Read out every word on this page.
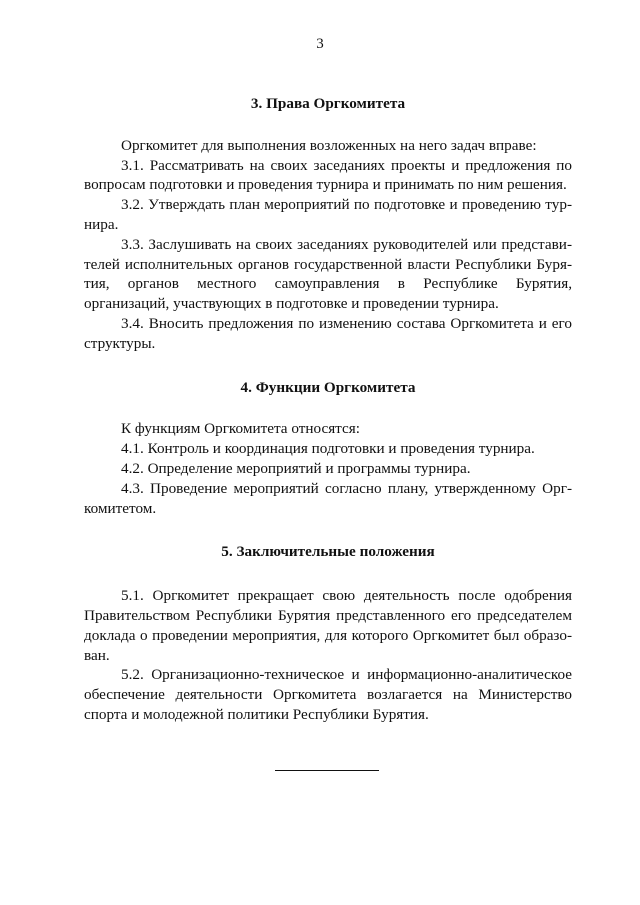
3
3. Права Оргкомитета

Оргкомитет для выполнения возложенных на него задач вправе:

3.1. Рассматривать на своих заседаниях проекты и предложения по вопросам подготовки и проведения турнира и принимать по ним решения.

3.2. Утверждать план мероприятий по подготовке и проведению турнира.

3.3. Заслушивать на своих заседаниях руководителей или представителей исполнительных органов государственной власти Республики Бурятия, органов местного самоуправления в Республике Бурятия, организаций, участвующих в подготовке и проведении турнира.

3.4. Вносить предложения по изменению состава Оргкомитета и его структуры.

4. Функции Оргкомитета

К функциям Оргкомитета относятся:

4.1. Контроль и координация подготовки и проведения турнира.

4.2. Определение мероприятий и программы турнира.

4.3. Проведение мероприятий согласно плану, утвержденному Оргкомитетом.

5. Заключительные положения

5.1. Оргкомитет прекращает свою деятельность после одобрения Правительством Республики Бурятия представленного его председателем доклада о проведении мероприятия, для которого Оргкомитет был образован.

5.2. Организационно-техническое и информационно-аналитическое обеспечение деятельности Оргкомитета возлагается на Министерство спорта и молодежной политики Республики Бурятия.
